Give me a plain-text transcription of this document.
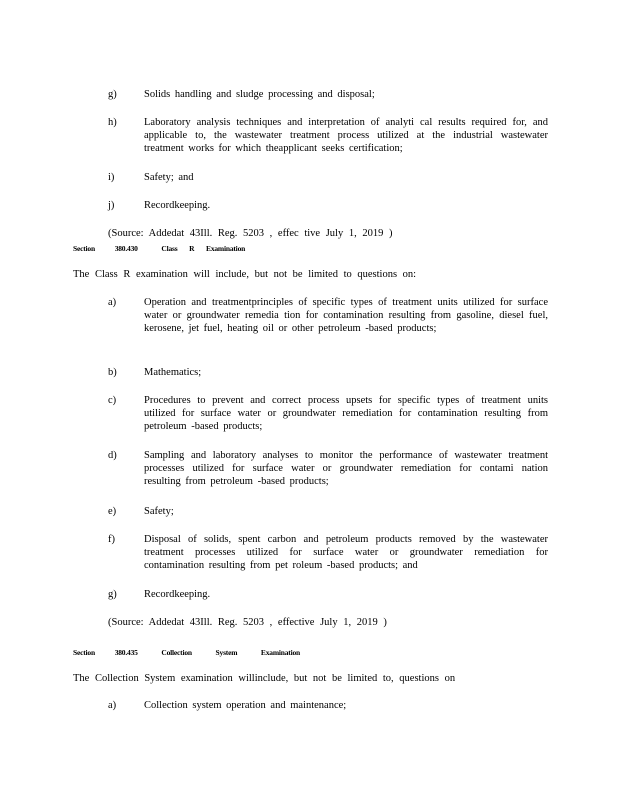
g)	Solids handling and sludge processing and disposal;
h)	Laboratory analysis techniques and interpretation of analyti cal results required for, and applicable to, the wastewater treatment process utilized at the industrial wastewater treatment works for which theapplicant seeks certification;
i)	Safety; and
j)	Recordkeeping.
(Source: Addedat 43Ill. Reg. 5203 , effec tive July 1, 2019 )
Section	380.430	Class R Examination
The Class R examination will include, but not be limited to questions on:
a)	Operation and treatmentprinciples of specific types of treatment units utilized for surface water or groundwater remedia tion for contamination resulting from gasoline, diesel fuel, kerosene, jet fuel, heating oil or other petroleum -based products;
b)	Mathematics;
c)	Procedures to prevent and correct process upsets for specific types of treatment units utilized for surface water or groundwater remediation for contamination resulting from petroleum -based products;
d)	Sampling and laboratory analyses to monitor the performance of wastewater treatment processes utilized for surface water or groundwater remediation for contami nation resulting from petroleum -based products;
e)	Safety;
f)	Disposal of solids, spent carbon and petroleum products removed by the wastewater treatment processes utilized for surface water or groundwater remediation for contamination resulting from pet roleum -based products; and
g)	Recordkeeping.
(Source: Addedat 43Ill. Reg. 5203 , effective July 1, 2019 )
Section	380.435	Collection System Examination
The Collection System examination willinclude, but not be limited to, questions on
a)	Collection system operation and maintenance;
